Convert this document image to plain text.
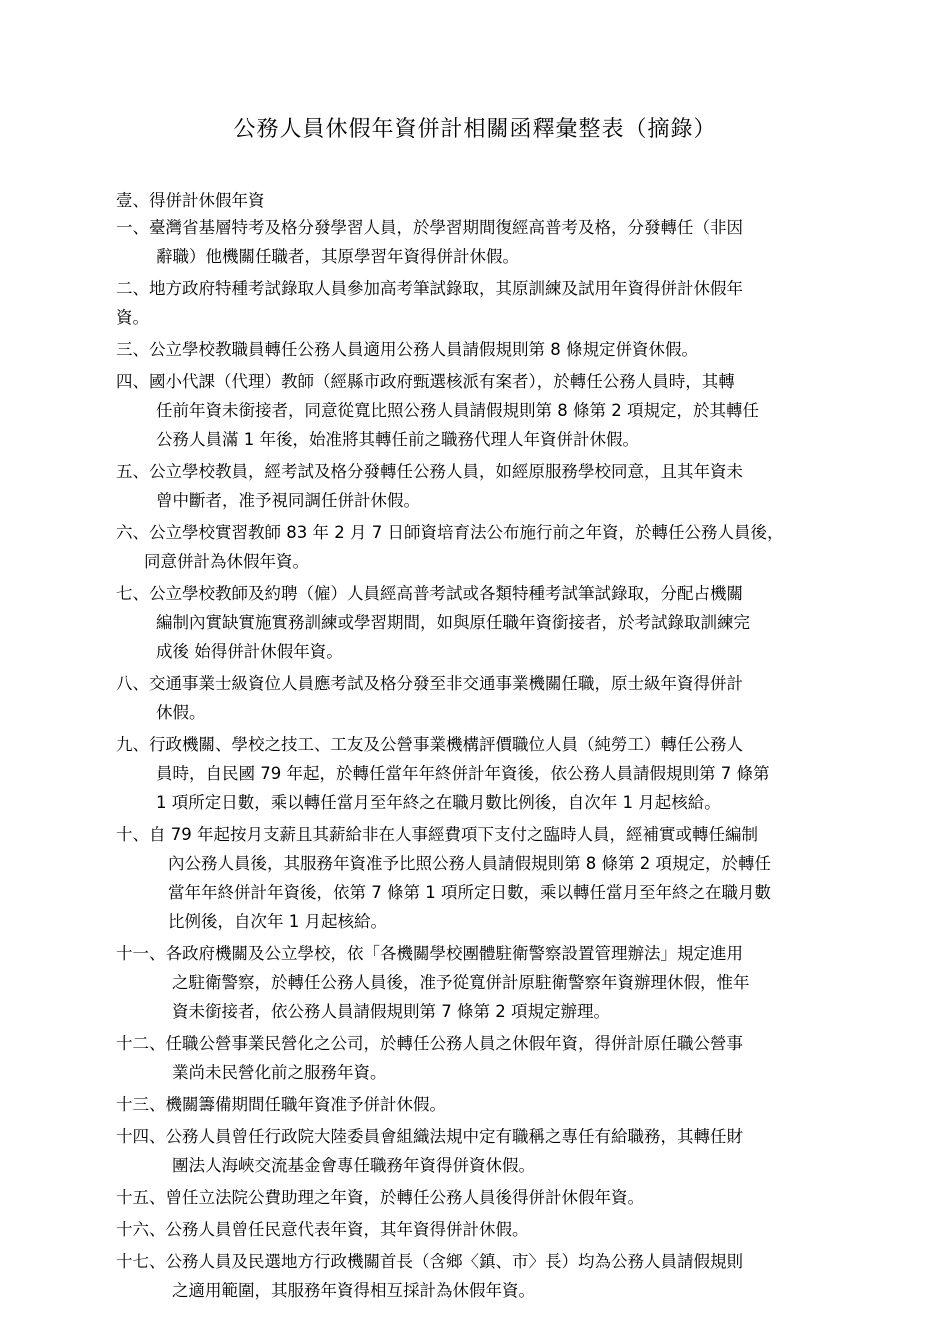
公務人員休假年資併計相關函釋彙整表（摘錄）
壹、得併計休假年資
一、臺灣省基層特考及格分發學習人員，於學習期間復經高普考及格，分發轉任（非因
辭職）他機關任職者，其原學習年資得併計休假。
二、地方政府特種考試錄取人員參加高考筆試錄取，其原訓練及試用年資得併計休假年
資。
三、公立學校教職員轉任公務人員適用公務人員請假規則第 8 條規定併資休假。
四、國小代課（代理）教師（經縣市政府甄選核派有案者），於轉任公務人員時，其轉
任前年資未銜接者，同意從寬比照公務人員請假規則第 8 條第 2 項規定，於其轉任
公務人員滿 1 年後，始准將其轉任前之職務代理人年資併計休假。
五、公立學校教員，經考試及格分發轉任公務人員，如經原服務學校同意，且其年資未
曾中斷者，准予視同調任併計休假。
六、公立學校實習教師 83 年 2 月 7 日師資培育法公布施行前之年資，於轉任公務人員後，
同意併計為休假年資。
七、公立學校教師及約聘（僱）人員經高普考試或各類特種考試筆試錄取，分配占機關
編制內實缺實施實務訓練或學習期間，如與原任職年資銜接者，於考試錄取訓練完
成後 始得併計休假年資。
八、交通事業士級資位人員應考試及格分發至非交通事業機關任職，原士級年資得併計
休假。
九、行政機關、學校之技工、工友及公營事業機構評價職位人員（純勞工）轉任公務人
員時，自民國 79 年起，於轉任當年年終併計年資後，依公務人員請假規則第 7 條第
1 項所定日數，乘以轉任當月至年終之在職月數比例後，自次年 1 月起核給。
十、自 79 年起按月支薪且其薪給非在人事經費項下支付之臨時人員，經補實或轉任編制
內公務人員後，其服務年資准予比照公務人員請假規則第 8 條第 2 項規定，於轉任
當年年終併計年資後，依第 7 條第 1 項所定日數，乘以轉任當月至年終之在職月數
比例後，自次年 1 月起核給。
十一、各政府機關及公立學校，依「各機關學校團體駐衛警察設置管理辦法」規定進用
之駐衛警察，於轉任公務人員後，准予從寬併計原駐衛警察年資辦理休假，惟年
資未銜接者，依公務人員請假規則第 7 條第 2 項規定辦理。
十二、任職公營事業民營化之公司，於轉任公務人員之休假年資，得併計原任職公營事
業尚未民營化前之服務年資。
十三、機關籌備期間任職年資准予併計休假。
十四、公務人員曾任行政院大陸委員會組織法規中定有職稱之專任有給職務，其轉任財
團法人海峽交流基金會專任職務年資得併資休假。
十五、曾任立法院公費助理之年資，於轉任公務人員後得併計休假年資。
十六、公務人員曾任民意代表年資，其年資得併計休假。
十七、公務人員及民選地方行政機關首長（含鄉〈鎮、市〉長）均為公務人員請假規則
之適用範圍，其服務年資得相互採計為休假年資。
